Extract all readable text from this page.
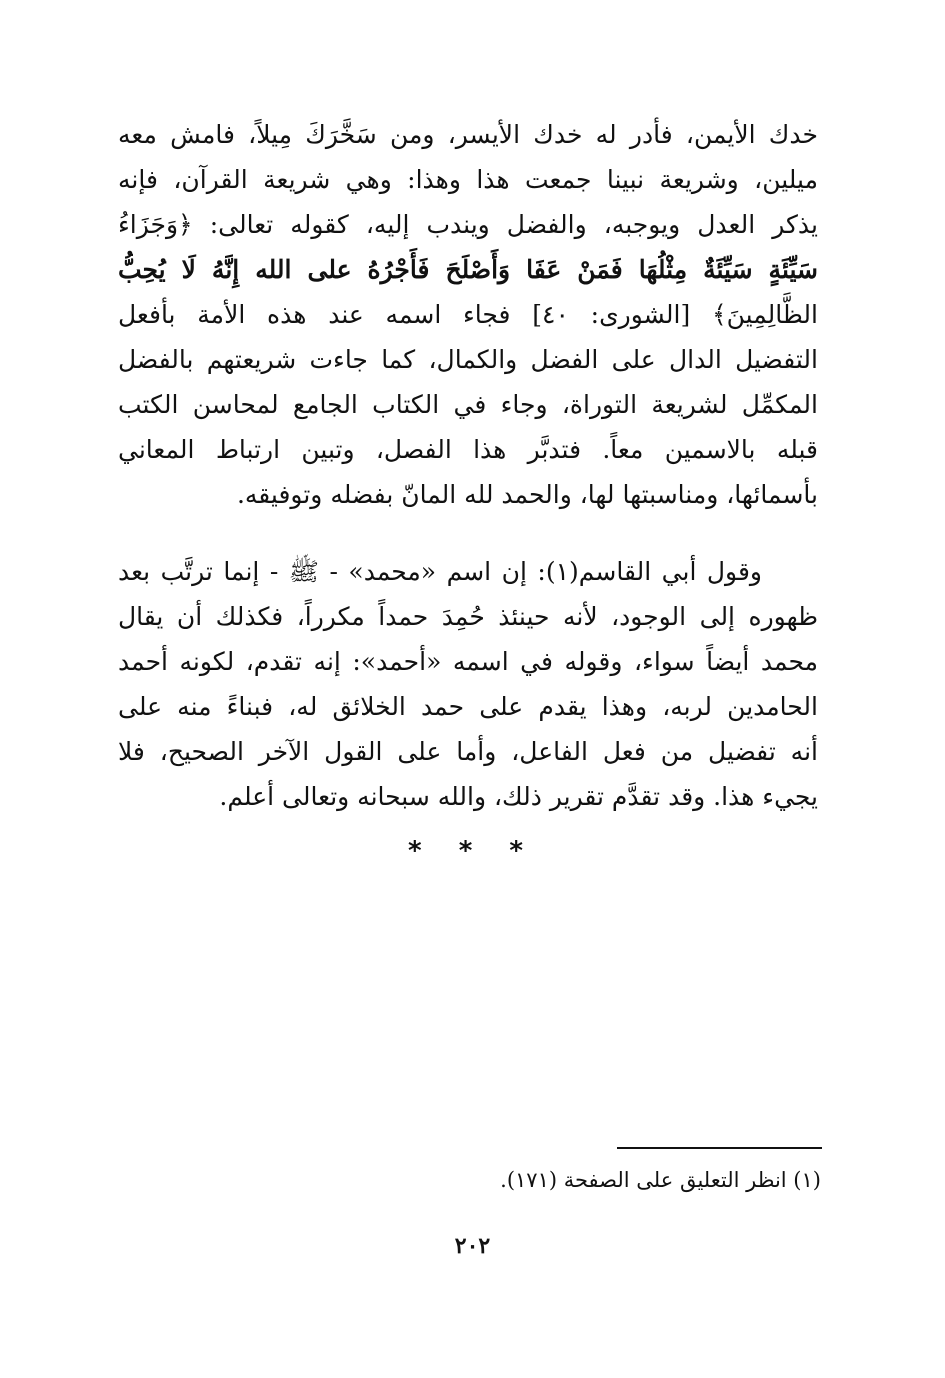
خدك الأيمن، فأدر له خدك الأيسر، ومن سَخَّرَكَ مِيلاً، فامش معه
ميلين، وشريعة نبينا جمعت هذا وهذا: وهي شريعة القرآن، فإنه
يذكر العدل ويوجبه، والفضل ويندب إليه، كقوله تعالى: ﴿وَجَزَاءُ
سَيِّئَةٍ سَيِّئَةٌ مِثْلُهَا فَمَنْ عَفَا وَأَصْلَحَ فَأَجْرُهُ على الله إِنَّهُ لَا يُحِبُّ
الظَّالِمِينَ﴾ [الشورى: ٤٠] فجاء اسمه عند هذه الأمة بأفعل
التفضيل الدال على الفضل والكمال، كما جاءت شريعتهم بالفضل
المكمِّل لشريعة التوراة، وجاء في الكتاب الجامع لمحاسن الكتب
قبله بالاسمين معاً. فتدبَّر هذا الفصل، وتبين ارتباط المعاني
بأسمائها، ومناسبتها لها، والحمد لله المانّ بفضله وتوفيقه.
وقول أبي القاسم(١): إن اسم «محمد» - ﷺ - إنما ترتَّب بعد
ظهوره إلى الوجود، لأنه حينئذ حُمِدَ حمداً مكرراً، فكذلك أن يقال
محمد أيضاً سواء، وقوله في اسمه «أحمد»: إنه تقدم، لكونه أحمد
الحامدين لربه، وهذا يقدم على حمد الخلائق له، فبناءً منه على
أنه تفضيل من فعل الفاعل، وأما على القول الآخر الصحيح، فلا
يجيء هذا. وقد تقدَّم تقرير ذلك، والله سبحانه وتعالى أعلم.
* * *
(١) انظر التعليق على الصفحة (١٧١).
٢٠٢
